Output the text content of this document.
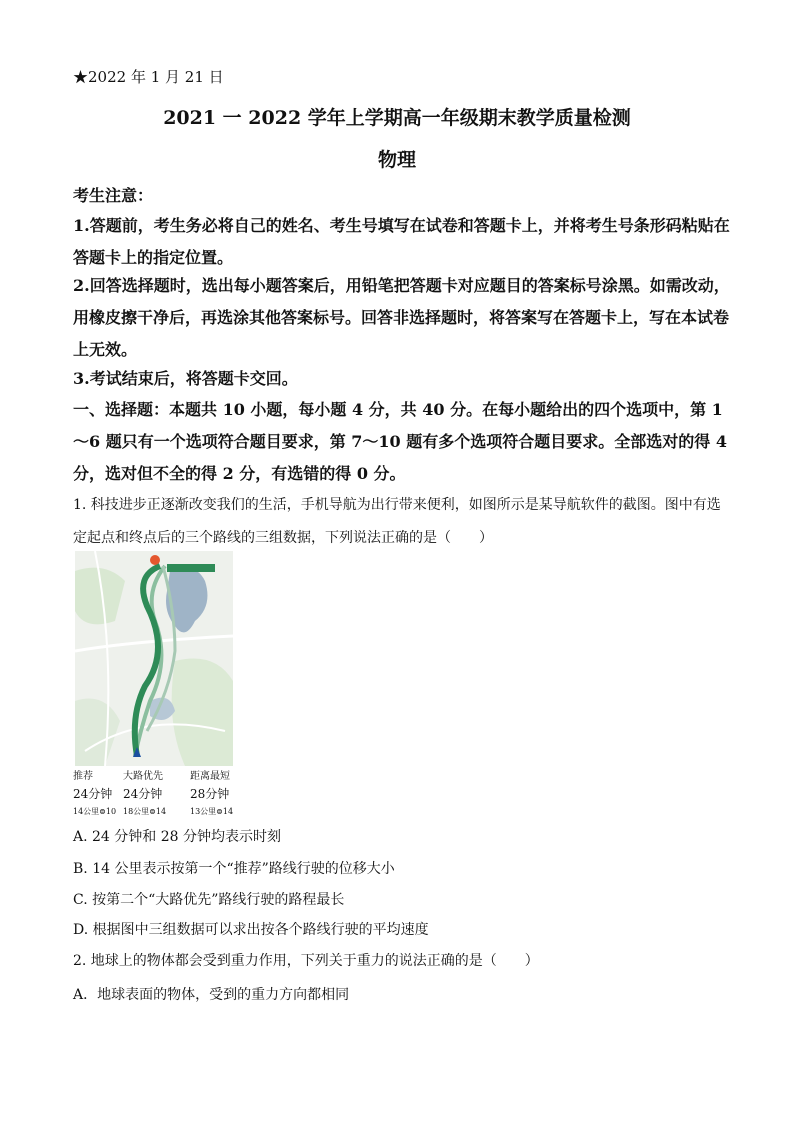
★2022 年 1 月 21 日
2021 一 2022 学年上学期高一年级期末教学质量检测
物理
考生注意：
1.答题前，考生务必将自己的姓名、考生号填写在试卷和答题卡上，并将考生号条形码粘贴在答题卡上的指定位置。
2.回答选择题时，选出每小题答案后，用铅笔把答题卡对应题目的答案标号涂黑。如需改动，用橡皮擦干净后，再选涂其他答案标号。回答非选择题时，将答案写在答题卡上，写在本试卷上无效。
3.考试结束后，将答题卡交回。
一、选择题：本题共 10 小题，每小题 4 分，共 40 分。在每小题给出的四个选项中，第 1～6 题只有一个选项符合题目要求，第 7～10 题有多个选项符合题目要求。全部选对的得 4 分，选对但不全的得 2 分，有选错的得 0 分。
1. 科技进步正逐渐改变我们的生活，手机导航为出行带来便利，如图所示是某导航软件的截图。图中有选定起点和终点后的三个路线的三组数据，下列说法正确的是（　　）
推荐
24分钟
14公里⊜10
大路优先
24分钟
18公里⊜14
距离最短
28分钟
13公里⊜14
A. 24 分钟和 28 分钟均表示时刻
B. 14 公里表示按第一个“推荐”路线行驶的位移大小
C. 按第二个“大路优先”路线行驶的路程最长
D. 根据图中三组数据可以求出按各个路线行驶的平均速度
2. 地球上的物体都会受到重力作用，下列关于重力的说法正确的是（　　）
A．地球表面的物体，受到的重力方向都相同
